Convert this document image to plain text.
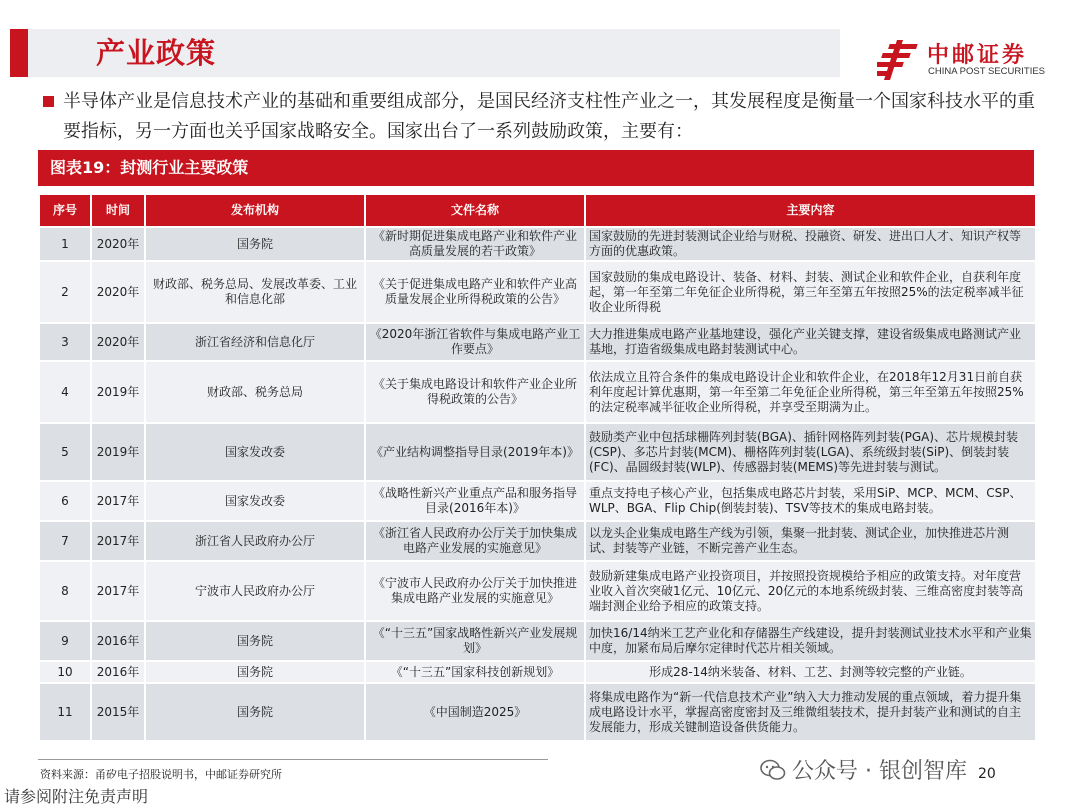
产业政策	中邮证券
CHINA POST SECURITIES
半导体产业是信息技术产业的基础和重要组成部分，是国民经济支柱性产业之一，其发展程度是衡量一个国家科技水平的重要指标，另一方面也关乎国家战略安全。国家出台了一系列鼓励政策，主要有：
图表19：封测行业主要政策
序号	时间	发布机构	文件名称	主要内容
1	2020年	国务院	《新时期促进集成电路产业和软件产业高质量发展的若干政策》	国家鼓励的先进封装测试企业给与财税、投融资、研发、进出口人才、知识产权等方面的优惠政策。
2	2020年	财政部、税务总局、发展改革委、工业和信息化部	《关于促进集成电路产业和软件产业高质量发展企业所得税政策的公告》	国家鼓励的集成电路设计、装备、材料、封装、测试企业和软件企业，自获利年度起，第一年至第二年免征企业所得税，第三年至第五年按照25%的法定税率减半征收企业所得税
3	2020年	浙江省经济和信息化厅	《2020年浙江省软件与集成电路产业工作要点》	大力推进集成电路产业基地建设，强化产业关键支撑，建设省级集成电路测试产业基地，打造省级集成电路封装测试中心。
4	2019年	财政部、税务总局	《关于集成电路设计和软件产业企业所得税政策的公告》	依法成立且符合条件的集成电路设计企业和软件企业，在2018年12月31日前自获利年度起计算优惠期，第一年至第二年免征企业所得税，第三年至第五年按照25%的法定税率减半征收企业所得税，并享受至期满为止。
5	2019年	国家发改委	《产业结构调整指导目录(2019年本)》	鼓励类产业中包括球栅阵列封装(BGA)、插针网格阵列封装(PGA)、芯片规模封装(CSP)、多芯片封装(MCM)、栅格阵列封装(LGA)、系统级封装(SiP)、倒装封装(FC)、晶圆级封装(WLP)、传感器封装(MEMS)等先进封装与测试。
6	2017年	国家发改委	《战略性新兴产业重点产品和服务指导目录(2016年本)》	重点支持电子核心产业，包括集成电路芯片封装，采用SiP、MCP、MCM、CSP、WLP、BGA、Flip Chip(倒装封装)、TSV等技术的集成电路封装。
7	2017年	浙江省人民政府办公厅	《浙江省人民政府办公厅关于加快集成电路产业发展的实施意见》	以龙头企业集成电路生产线为引领，集聚一批封装、测试企业，加快推进芯片测试、封装等产业链，不断完善产业生态。
8	2017年	宁波市人民政府办公厅	《宁波市人民政府办公厅关于加快推进集成电路产业发展的实施意见》	鼓励新建集成电路产业投资项目，并按照投资规模给予相应的政策支持。对年度营业收入首次突破1亿元、10亿元、20亿元的本地系统级封装、三维高密度封装等高端封测企业给予相应的政策支持。
9	2016年	国务院	《“十三五”国家战略性新兴产业发展规划》	加快16/14纳米工艺产业化和存储器生产线建设，提升封装测试业技术水平和产业集中度，加紧布局后摩尔定律时代芯片相关领域。
10	2016年	国务院	《“十三五”国家科技创新规划》	形成28-14纳米装备、材料、工艺、封测等较完整的产业链。
11	2015年	国务院	《中国制造2025》	将集成电路作为“新一代信息技术产业”纳入大力推动发展的重点领域，着力提升集成电路设计水平，掌握高密度密封及三维微组装技术，提升封装产业和测试的自主发展能力，形成关键制造设备供货能力。
资料来源：甬矽电子招股说明书，中邮证券研究所	公众号 · 银创智库 20
请参阅附注免责声明
